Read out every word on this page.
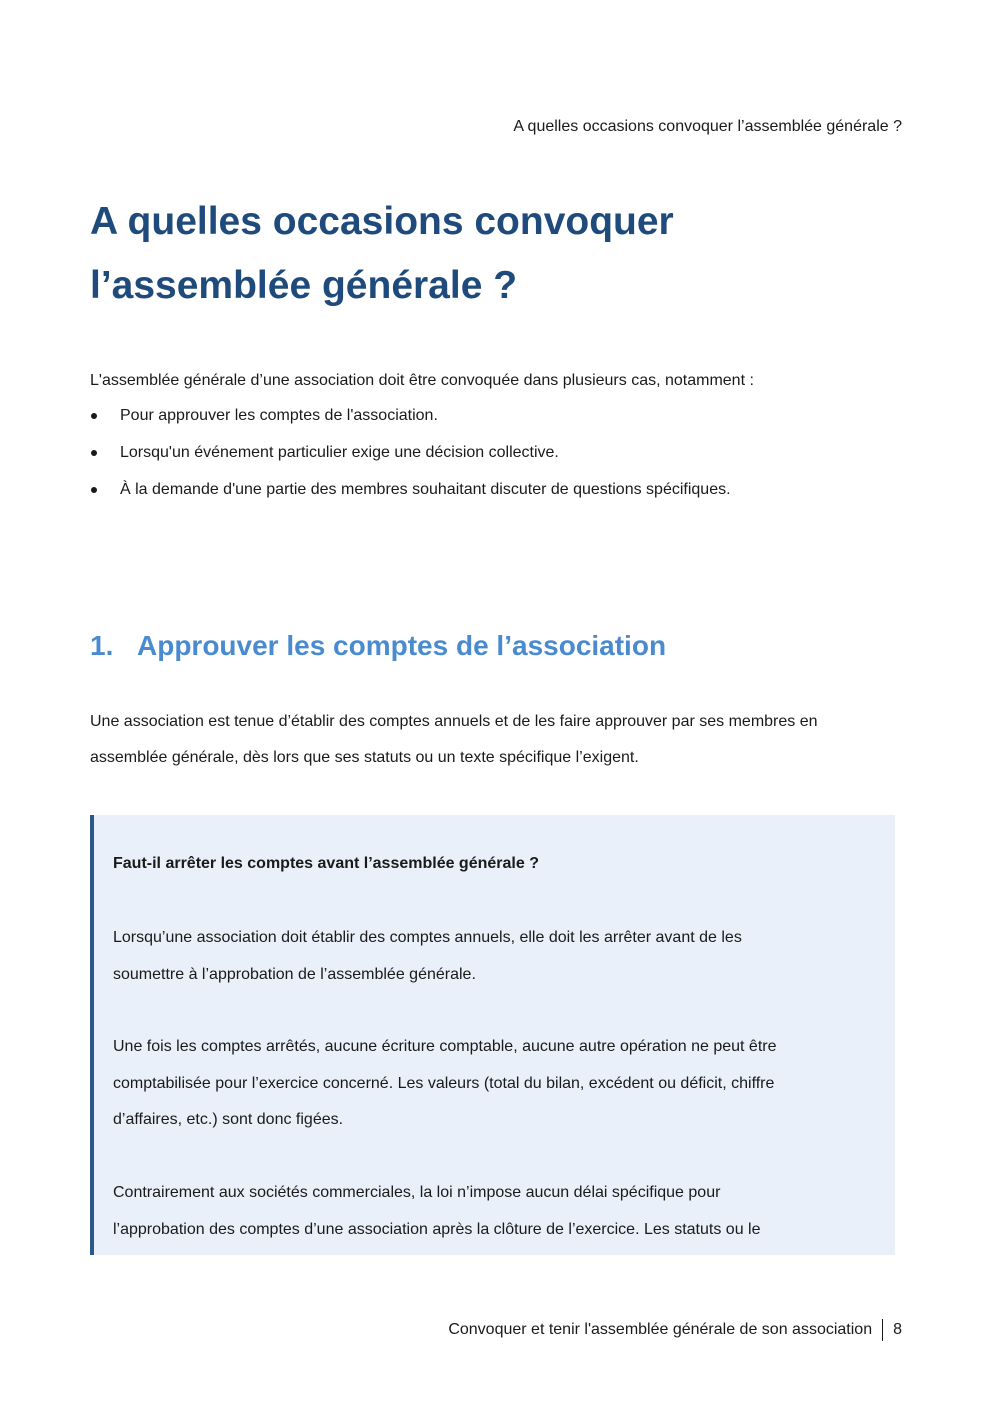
A quelles occasions convoquer l’assemblée générale ?
A quelles occasions convoquer
l’assemblée générale ?

L'assemblée générale d’une association doit être convoquée dans plusieurs cas, notamment :

Pour approuver les comptes de l'association.
Lorsqu'un événement particulier exige une décision collective.
À la demande d'une partie des membres souhaitant discuter de questions spécifiques.
1. Approuver les comptes de l’association

Une association est tenue d’établir des comptes annuels et de les faire approuver par ses membres en
assemblée générale, dès lors que ses statuts ou un texte spécifique l’exigent.

Faut-il arrêter les comptes avant l’assemblée générale ?

Lorsqu’une association doit établir des comptes annuels, elle doit les arrêter avant de les
soumettre à l’approbation de l’assemblée générale.

Une fois les comptes arrêtés, aucune écriture comptable, aucune autre opération ne peut être
comptabilisée pour l’exercice concerné. Les valeurs (total du bilan, excédent ou déficit, chiffre
d’affaires, etc.) sont donc figées.

Contrairement aux sociétés commerciales, la loi n’impose aucun délai spécifique pour
l’approbation des comptes d’une association après la clôture de l’exercice. Les statuts ou le

Convoquer et tenir l'assemblée générale de son association 8
